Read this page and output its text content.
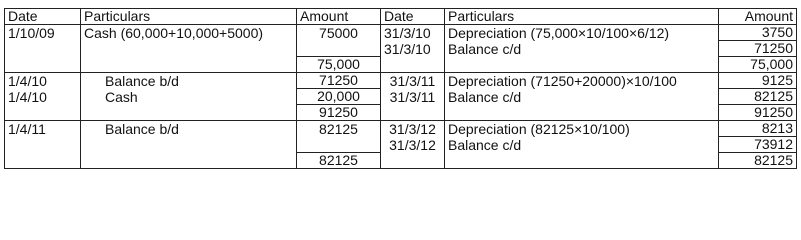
Date	Particulars	Amount	Date	Particulars	Amount
1/10/09	Cash (60,000+10,000+5000)	75000	31/3/10	Depreciation (75,000×10/100×6/12)	3750
			31/3/10	Balance c/d	71250
		75,000			75,000
1/4/10	Balance b/d	71250	31/3/11	Depreciation (71250+20000)×10/100	9125
1/4/10	Cash	20,000	31/3/11	Balance c/d	82125
		91250			91250
1/4/11	Balance b/d	82125	31/3/12	Depreciation (82125×10/100)	8213
			31/3/12	Balance c/d	73912
		82125			82125
